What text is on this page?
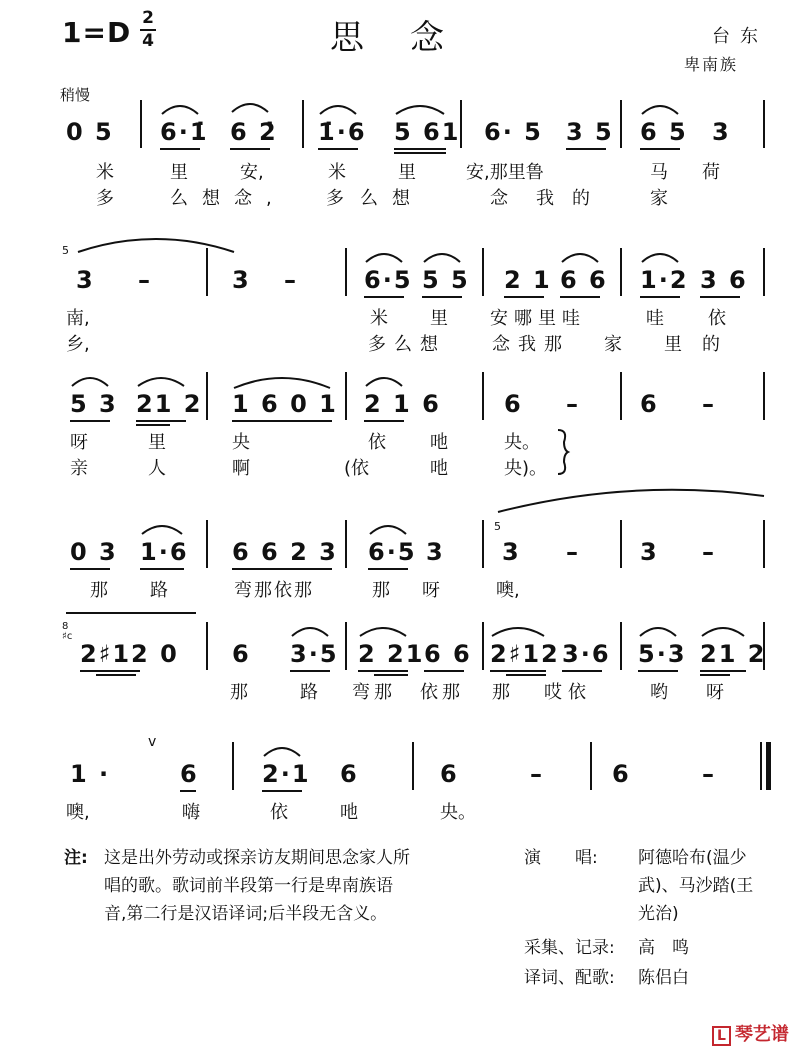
1=D 2
4	思念	台东
卑南族
稍慢
0 5 6·1̇ 6 2̇ 1̇·6 5 61 6· 5 3 5 6 5 3
米	里	安,	米	里	安,那里鲁	马 荷
多	么想念, 多 么想	念 我的 家
5
3 –	3 –	6·5 5 5 2 1 6 6 1·2 3 6
南,	米 里 安哪里哇	哇 依
乡,	多么想	念我那 家 里的
5 3 21 2 1 6 0 1 2 1 6	6 –	6 –
呀	里	央	依 吔	央。
亲	人	啊	(依	吔	央)。
5
0 3 1·6 6 6 2 3 6·5 3 3 –	3 –
那 路	弯那依那	那 呀	噢,
8
♯c
2♯12 0 6 3·5 2 21 6 6 2♯12 3·6 5·3 21 2
那	路 弯那 依那 那 哎依	哟 呀
v
1 ·	6	2·1 6	6	–	6	–
噢,	嗨	依	吔	央。
注: 这是出外劳动或探亲访友期间思念家人所
唱的歌。歌词前半段第一行是卑南族语
音,第二行是汉语译词;后半段无含义。
演　　唱: 阿德哈布(温少
武)、马沙踏(王
光治)
采集、记录: 高　鸣
译词、配歌: 陈侣白
L 琴艺谱
